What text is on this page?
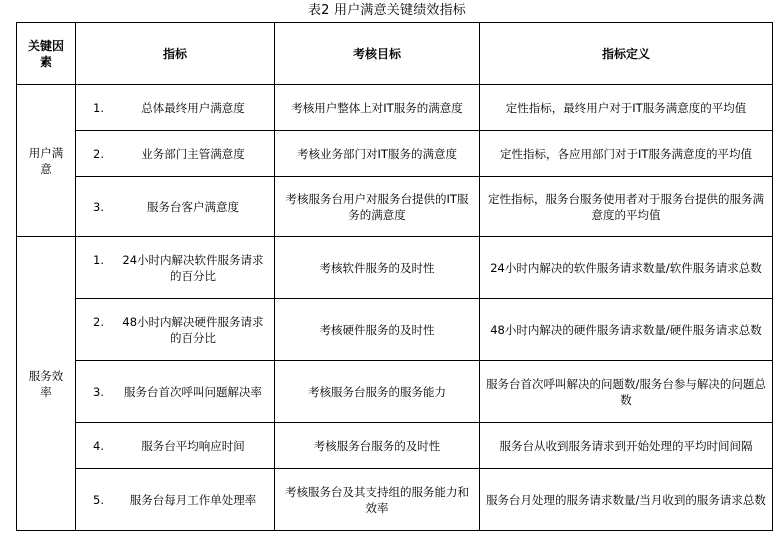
表2 用户满意关键绩效指标
关键因素	指标	考核目标	指标定义
用户满意	1. 总体最终用户满意度	考核用户整体上对IT服务的满意度	定性指标，最终用户对于IT服务满意度的平均值

	2. 业务部门主管满意度	考核业务部门对IT服务的满意度	定性指标，各应用部门对于IT服务满意度的平均值

	3. 服务台客户满意度	考核服务台用户对服务台提供的IT服务的满意度	定性指标，服务台服务使用者对于服务台提供的服务满意度的平均值
服务效率	1. 24小时内解决软件服务请求的百分比	考核软件服务的及时性	24小时内解决的软件服务请求数量/软件服务请求总数

	2. 48小时内解决硬件服务请求的百分比	考核硬件服务的及时性	48小时内解决的硬件服务请求数量/硬件服务请求总数

	3. 服务台首次呼叫问题解决率	考核服务台服务的服务能力	服务台首次呼叫解决的问题数/服务台参与解决的问题总数

	4. 服务台平均响应时间	考核服务台服务的及时性	服务台从收到服务请求到开始处理的平均时间间隔

	5. 服务台每月工作单处理率	考核服务台及其支持组的服务能力和效率	服务台月处理的服务请求数量/当月收到的服务请求总数
